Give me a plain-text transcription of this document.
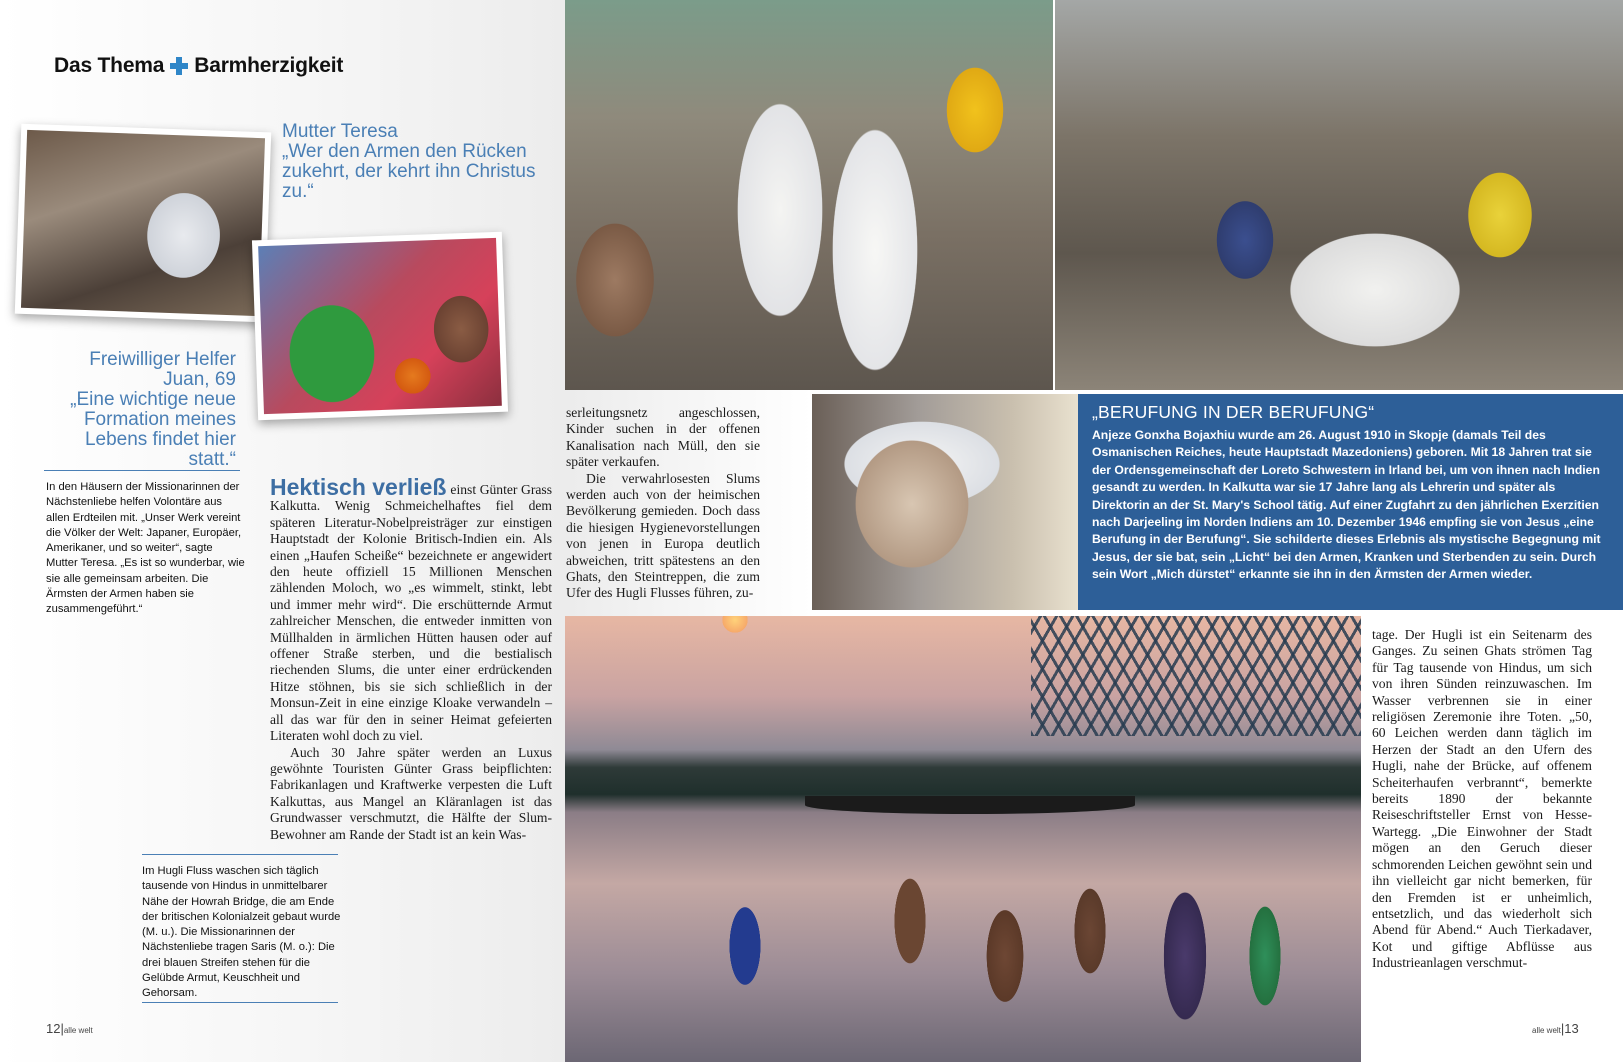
Das Thema Barmherzigkeit
Mutter Teresa
„Wer den Armen den Rücken zukehrt, der kehrt ihn Christus zu.“
Freiwilliger Helfer
Juan, 69
„Eine wichtige neue Formation meines Lebens findet hier statt.“
In den Häusern der Missionarinnen der Nächstenliebe helfen Volontäre aus allen Erdteilen mit. „Unser Werk vereint die Völker der Welt: Japaner, Europäer, Amerikaner, und so weiter“, sagte Mutter Teresa. „Es ist so wunderbar, wie sie alle gemeinsam arbeiten. Die Ärmsten der Armen haben sie zusammengeführt.“
Im Hugli Fluss waschen sich täglich tausende von Hindus in unmittelbarer Nähe der Howrah Bridge, die am Ende der britischen Kolonialzeit gebaut wurde (M. u.). Die Missionarinnen der Nächstenliebe tragen Saris (M. o.): Die drei blauen Streifen stehen für die Gelübde Armut, Keuschheit und Gehorsam.

Hektisch verließ einst Günter Grass Kalkutta. Wenig Schmeichelhaftes fiel dem späteren Literatur-Nobelpreisträger zur einstigen Hauptstadt der Kolonie Britisch-Indien ein. Als einen „Haufen Scheiße“ bezeichnete er angewidert den heute offiziell 15 Millionen Menschen zählenden Moloch, wo „es wimmelt, stinkt, lebt und immer mehr wird“. Die erschütternde Armut zahlreicher Menschen, die entweder inmitten von Müllhalden in ärmlichen Hütten hausen oder auf offener Straße sterben, und die bestialisch riechenden Slums, die unter einer erdrückenden Hitze stöhnen, bis sie sich schließlich in der Monsun-Zeit in eine einzige Kloake verwandeln – all das war für den in seiner Heimat gefeierten Literaten wohl doch zu viel.

Auch 30 Jahre später werden an Luxus gewöhnte Touristen Günter Grass beipflichten: Fabrikanlagen und Kraftwerke verpesten die Luft Kalkuttas, aus Mangel an Kläranlagen ist das Grundwasser verschmutzt, die Hälfte der Slum-Bewohner am Rande der Stadt ist an kein Was-

serleitungsnetz angeschlossen, Kinder suchen in der offenen Kanalisation nach Müll, den sie später verkaufen.

Die verwahrlosesten Slums werden auch von der heimischen Bevölkerung gemieden. Doch dass die hiesigen Hygienevorstellungen von jenen in Europa deutlich abweichen, tritt spätestens an den Ghats, den Steintreppen, die zum Ufer des Hugli Flusses führen, zu-

„BERUFUNG IN DER BERUFUNG“

Anjeze Gonxha Bojaxhiu wurde am 26. August 1910 in Skopje (damals Teil des Osmanischen Reiches, heute Hauptstadt Mazedoniens) geboren. Mit 18 Jahren trat sie der Ordensgemeinschaft der Loreto Schwestern in Irland bei, um von ihnen nach Indien gesandt zu werden. In Kalkutta war sie 17 Jahre lang als Lehrerin und später als Direktorin an der St. Mary's School tätig. Auf einer Zugfahrt zu den jährlichen Exerzitien nach Darjeeling im Norden Indiens am 10. Dezember 1946 empfing sie von Jesus „eine Berufung in der Berufung“. Sie schilderte dieses Erlebnis als mystische Begegnung mit Jesus, der sie bat, sein „Licht“ bei den Armen, Kranken und Sterbenden zu sein. Durch sein Wort „Mich dürstet“ erkannte sie ihn in den Ärmsten der Armen wieder.

tage. Der Hugli ist ein Seitenarm des Ganges. Zu seinen Ghats strömen Tag für Tag tausende von Hindus, um sich von ihren Sünden reinzuwaschen. Im Wasser verbrennen sie in einer religiösen Zeremonie ihre Toten. „50, 60 Leichen werden dann täglich im Herzen der Stadt an den Ufern des Hugli, nahe der Brücke, auf offenem Scheiterhaufen verbrannt“, bemerkte bereits 1890 der bekannte Reiseschriftsteller Ernst von Hesse-Wartegg. „Die Einwohner der Stadt mögen an den Geruch dieser schmorenden Leichen gewöhnt sein und ihn vielleicht gar nicht bemerken, für den Fremden ist er unheimlich, entsetzlich, und das wiederholt sich Abend für Abend.“ Auch Tierkadaver, Kot und giftige Abflüsse aus Industrieanlagen verschmut-
12|alle welt	alle welt|13
